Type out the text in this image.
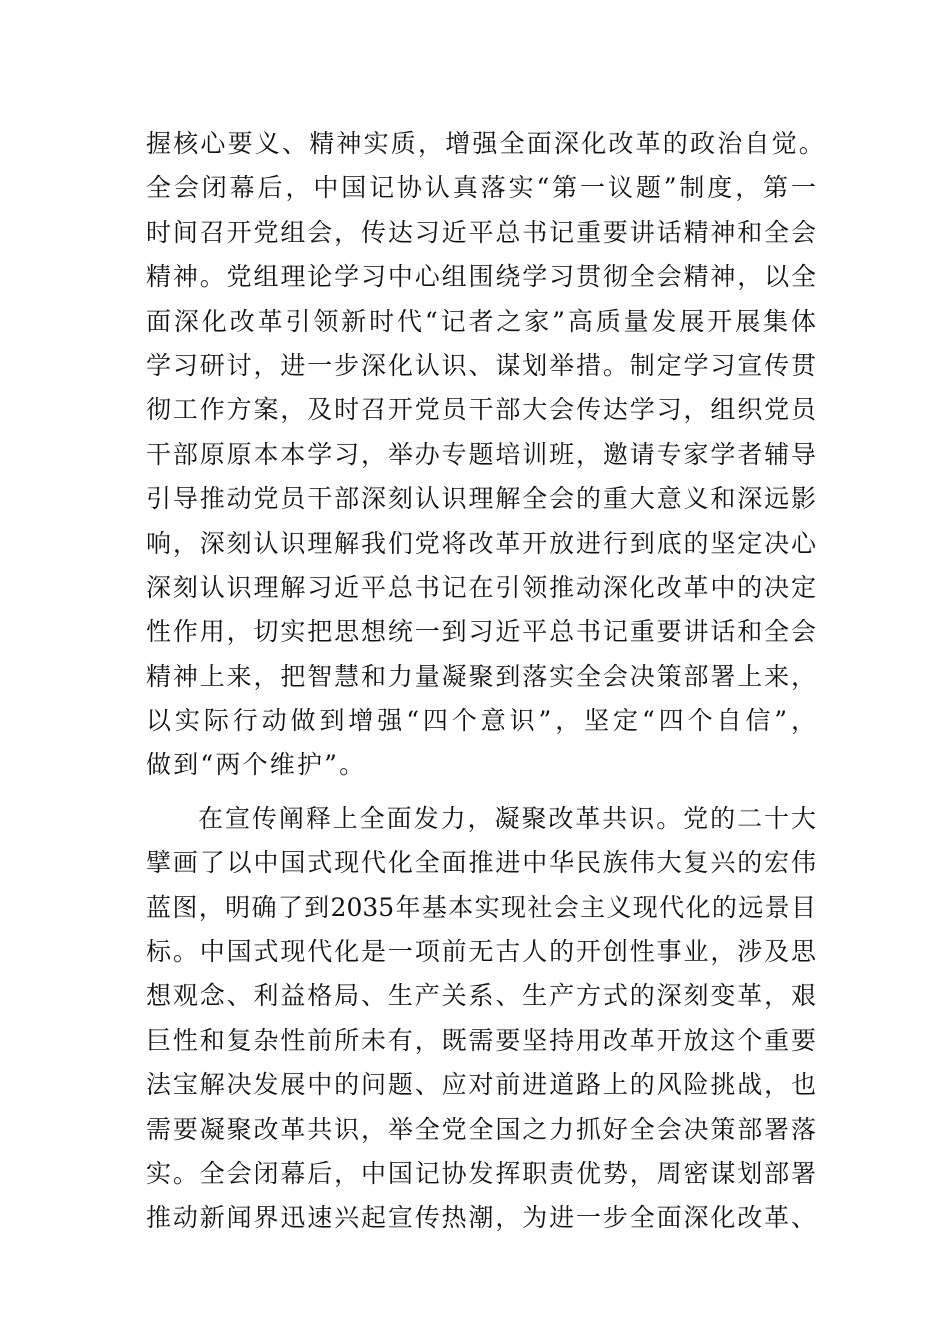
握核心要义、精神实质，增强全面深化改革的政治自觉。
全会闭幕后，中国记协认真落实“第一议题”制度，第一
时间召开党组会，传达习近平总书记重要讲话精神和全会
精神。党组理论学习中心组围绕学习贯彻全会精神，以全
面深化改革引领新时代“记者之家”高质量发展开展集体
学习研讨，进一步深化认识、谋划举措。制定学习宣传贯
彻工作方案，及时召开党员干部大会传达学习，组织党员
干部原原本本学习，举办专题培训班，邀请专家学者辅导
引导推动党员干部深刻认识理解全会的重大意义和深远影
响，深刻认识理解我们党将改革开放进行到底的坚定决心
深刻认识理解习近平总书记在引领推动深化改革中的决定
性作用，切实把思想统一到习近平总书记重要讲话和全会
精神上来，把智慧和力量凝聚到落实全会决策部署上来，
以实际行动做到增强“四个意识”，坚定“四个自信”，
做到“两个维护”。
在宣传阐释上全面发力，凝聚改革共识。党的二十大
擘画了以中国式现代化全面推进中华民族伟大复兴的宏伟
蓝图，明确了到2035年基本实现社会主义现代化的远景目
标。中国式现代化是一项前无古人的开创性事业，涉及思
想观念、利益格局、生产关系、生产方式的深刻变革，艰
巨性和复杂性前所未有，既需要坚持用改革开放这个重要
法宝解决发展中的问题、应对前进道路上的风险挑战，也
需要凝聚改革共识，举全党全国之力抓好全会决策部署落
实。全会闭幕后，中国记协发挥职责优势，周密谋划部署
推动新闻界迅速兴起宣传热潮，为进一步全面深化改革、
